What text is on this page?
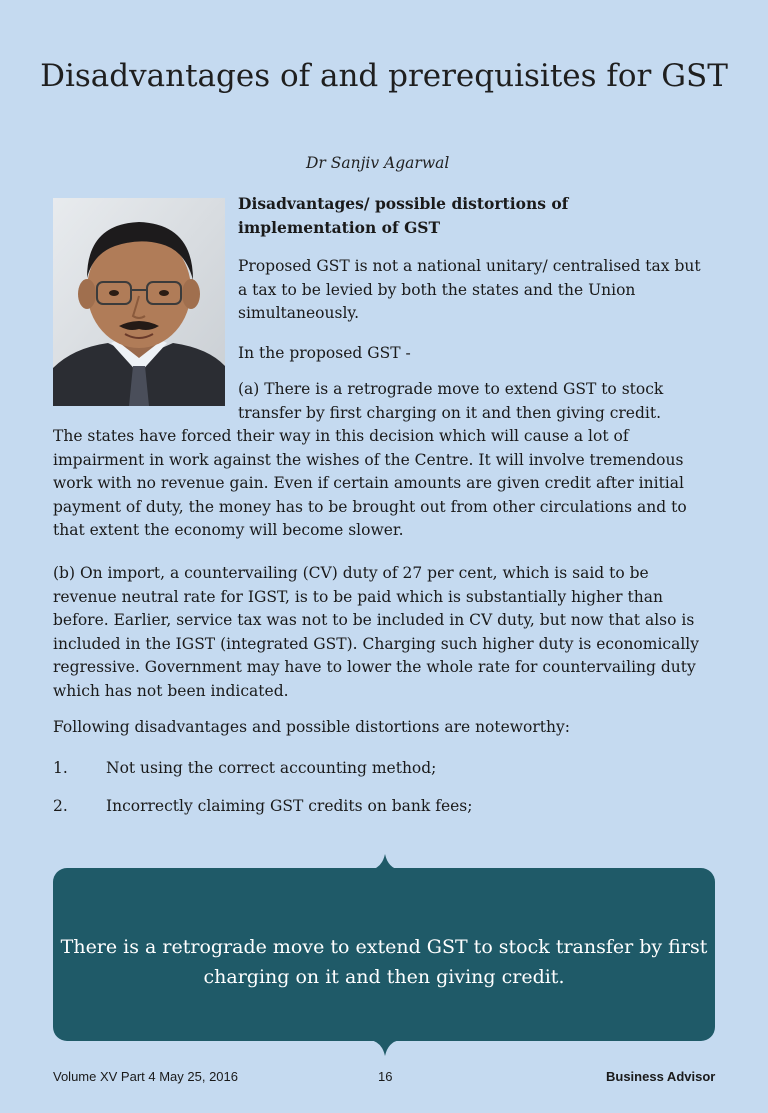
Disadvantages of and prerequisites for GST
Dr Sanjiv Agarwal
Disadvantages/ possible distortions of implementation of GST
Proposed GST is not a national unitary/ centralised tax but a tax to be levied by both the states and the Union simultaneously.
In the proposed GST -
(a) There is a retrograde move to extend GST to stock transfer by first charging on it and then giving credit.
The states have forced their way in this decision which will cause a lot of impairment in work against the wishes of the Centre. It will involve tremendous work with no revenue gain. Even if certain amounts are given credit after initial payment of duty, the money has to be brought out from other circulations and to that extent the economy will become slower.
(b) On import, a countervailing (CV) duty of 27 per cent, which is said to be revenue neutral rate for IGST, is to be paid which is substantially higher than before. Earlier, service tax was not to be included in CV duty, but now that also is included in the IGST (integrated GST). Charging such higher duty is economically regressive. Government may have to lower the whole rate for countervailing duty which has not been indicated.
Following disadvantages and possible distortions are noteworthy:
1. Not using the correct accounting method;
2. Incorrectly claiming GST credits on bank fees;
There is a retrograde move to extend GST to stock transfer by first charging on it and then giving credit.
Volume XV Part 4 May 25, 2016	16	Business Advisor
